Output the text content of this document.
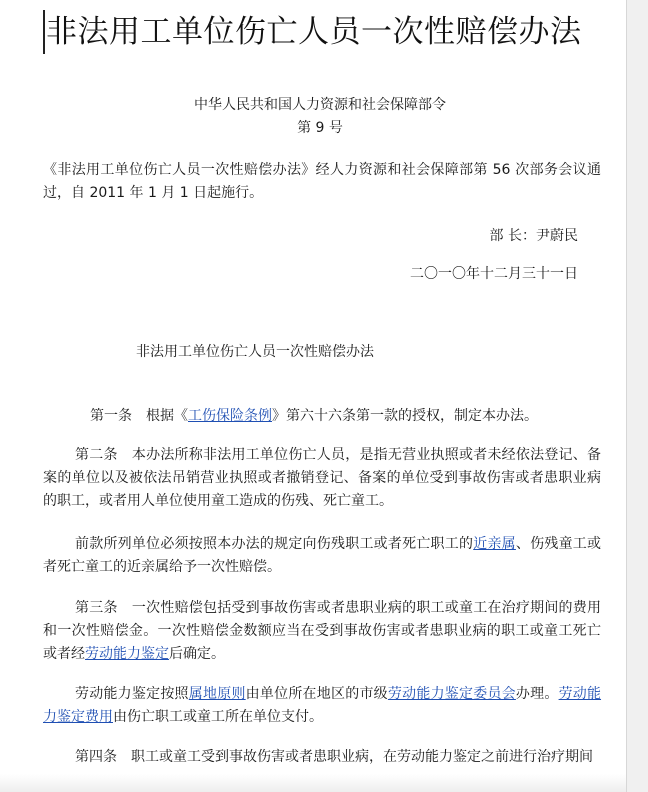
非法用工单位伤亡人员一次性赔偿办法
中华人民共和国人力资源和社会保障部令
第 9 号
《非法用工单位伤亡人员一次性赔偿办法》经人力资源和社会保障部第 56 次部务会议通过，自 2011 年 1 月 1 日起施行。
部 长：尹蔚民
二〇一〇年十二月三十一日
非法用工单位伤亡人员一次性赔偿办法
第一条　根据《工伤保险条例》第六十六条第一款的授权，制定本办法。
第二条　本办法所称非法用工单位伤亡人员，是指无营业执照或者未经依法登记、备案的单位以及被依法吊销营业执照或者撤销登记、备案的单位受到事故伤害或者患职业病的职工，或者用人单位使用童工造成的伤残、死亡童工。
前款所列单位必须按照本办法的规定向伤残职工或者死亡职工的近亲属、伤残童工或者死亡童工的近亲属给予一次性赔偿。
第三条　一次性赔偿包括受到事故伤害或者患职业病的职工或童工在治疗期间的费用和一次性赔偿金。一次性赔偿金数额应当在受到事故伤害或者患职业病的职工或童工死亡或者经劳动能力鉴定后确定。
劳动能力鉴定按照属地原则由单位所在地区的市级劳动能力鉴定委员会办理。劳动能力鉴定费用由伤亡职工或童工所在单位支付。
第四条　职工或童工受到事故伤害或者患职业病，在劳动能力鉴定之前进行治疗期间
